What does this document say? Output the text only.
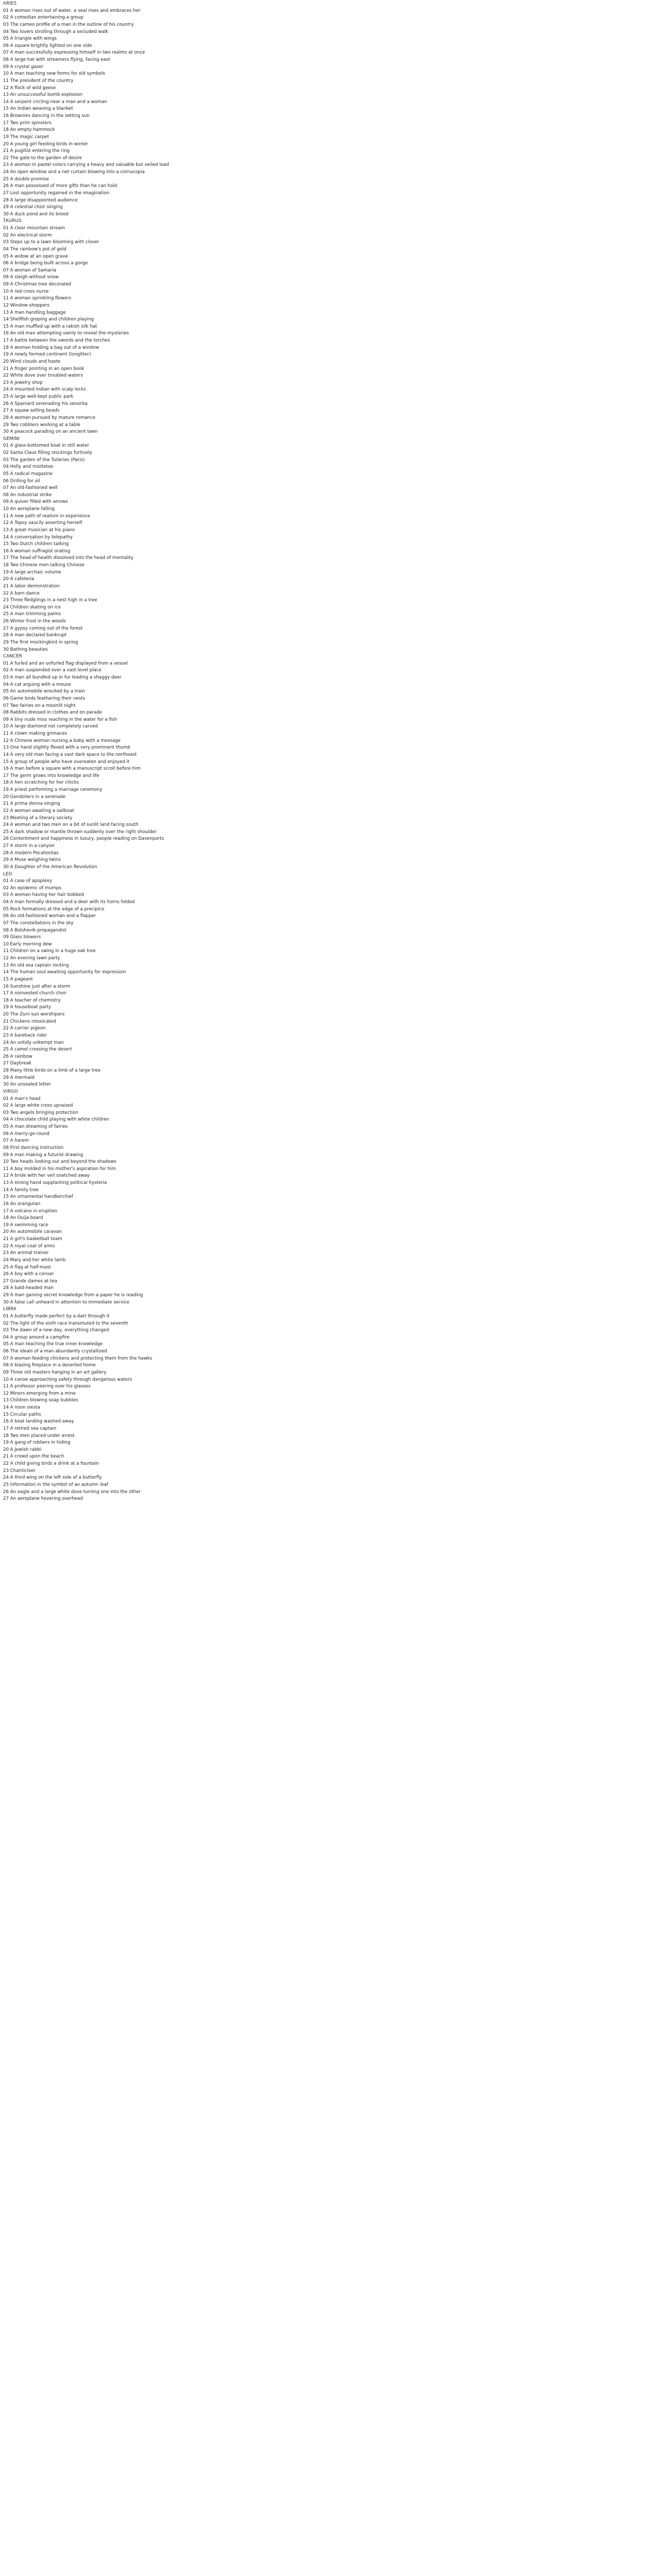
ARIES
01 A woman rises out of water, a seal rises and embraces her
02 A comedian entertaining a group
03 The cameo profile of a man in the outline of his country
04 Two lovers strolling through a secluded walk
05 A triangle with wings
06 A square brightly lighted on one side
07 A man successfully expressing himself in two realms at once
08 A large hat with streamers flying, facing east
09 A crystal gazer
10 A man teaching new forms for old symbols
11 The president of the country
12 A flock of wild geese
13 An unsuccessful bomb explosion
14 A serpent circling near a man and a woman
15 An Indian weaving a blanket
16 Brownies dancing in the setting sun
17 Two prim spinsters
18 An empty hammock
19 The magic carpet
20 A young girl feeding birds in winter
21 A pugilist entering the ring
22 The gate to the garden of desire
23 A woman in pastel colors carrying a heavy and valuable but veiled load
24 An open window and a net curtain blowing into a cornucopia
25 A double promise
26 A man possessed of more gifts than he can hold
27 Lost opportunity regained in the imagination
28 A large disappointed audience
29 A celestial choir singing
30 A duck pond and its brood
TAURUS
01 A clear mountain stream
02 An electrical storm
03 Steps up to a lawn blooming with clover
04 The rainbow's pot of gold
05 A widow at an open grave
06 A bridge being built across a gorge
07 A woman of Samaria
08 A sleigh without snow
09 A Christmas tree decorated
10 A red cross nurse
11 A woman sprinkling flowers
12 Window-shoppers
13 A man handling baggage
14 Shellfish groping and children playing
15 A man muffled up with a rakish silk hat
16 An old man attempting vainly to reveal the mysteries
17 A battle between the swords and the torches
18 A woman holding a bag out of a window
19 A newly formed continent (longitter)
20 Wind clouds and haste
21 A finger pointing in an open book
22 White dove over troubled waters
23 A jewelry shop
24 A mounted Indian with scalp locks
25 A large well-kept public park
26 A Spaniard serenading his senorita
27 A squaw selling beads
28 A woman pursued by mature romance
29 Two cobblers working at a table
30 A peacock parading on an ancient lawn
GEMINI
01 A glass-bottomed boat in still water
02 Santa Claus filling stockings furtively
03 The garden of the Tuileries (Paris)
04 Holly and mistletoe
05 A radical magazine
06 Drilling for oil
07 An old-fashioned well
08 An industrial strike
09 A quiver filled with arrows
10 An aeroplane falling
11 A new path of realism in experience
12 A Topsy saucily asserting herself
13 A great musician at his piano
14 A conversation by telepathy
15 Two Dutch children talking
16 A woman suffragist orating
17 The head of health dissolved into the head of mentality
18 Two Chinese men talking Chinese
19 A large archaic volume
20 A cafeteria
21 A labor demonstration
22 A barn dance
23 Three fledglings in a nest high in a tree
24 Children skating on ice
25 A man trimming palms
26 Winter frost in the woods
27 A gypsy coming out of the forest
28 A man declared bankrupt
29 The first mockingbird in spring
30 Bathing beauties
CANCER
01 A furled and an unfurled flag displayed from a vessel
02 A man suspended over a vast level place
03 A man all bundled up in fur leading a shaggy deer
04 A cat arguing with a mouse
05 An automobile wrecked by a train
06 Game birds feathering their nests
07 Two fairies on a moonlit night
08 Rabbits dressed in clothes and on parade
09 A tiny nude miss reaching in the water for a fish
10 A large diamond not completely carved
11 A clown making grimaces
12 A Chinese woman nursing a baby with a message
13 One hand slightly flexed with a very prominent thumb
14 A very old man facing a vast dark space to the northeast
15 A group of people who have overeaten and enjoyed it
16 A man before a square with a manuscript scroll before him
17 The germ grows into knowledge and life
18 A hen scratching for her chicks
19 A priest performing a marriage ceremony
20 Gondoliers in a serenade
21 A prima donna singing
22 A woman awaiting a sailboat
23 Meeting of a literary society
24 A woman and two men on a bit of sunlit land facing south
25 A dark shadow or mantle thrown suddenly over the right shoulder
26 Contentment and happiness in luxury, people reading on Davenports
27 A storm in a canyon
28 A modern Pocahontas
29 A Muse weighing twins
30 A Daughter of the American Revolution
LEO
01 A case of apoplexy
02 An epidemic of mumps
03 A woman having her hair bobbed
04 A man formally dressed and a deer with its horns folded
05 Rock formations at the edge of a precipice
06 An old-fashioned woman and a flapper
07 The constellations in the sky
08 A Bolshevik propagandist
09 Glass blowers
10 Early morning dew
11 Children on a swing in a huge oak tree
12 An evening lawn party
13 An old sea captain rocking
14 The human soul awaiting opportunity for expression
15 A pageant
16 Sunshine just after a storm
17 A nonvested church choir
18 A teacher of chemistry
19 A houseboat party
20 The Zuni sun worshipers
21 Chickens intoxicated
22 A carrier pigeon
23 A bareback rider
24 An untidy unkempt man
25 A camel crossing the desert
26 A rainbow
27 Daybreak
28 Many little birds on a limb of a large tree
29 A mermaid
30 An unsealed letter
VIRGO
01 A man's head
02 A large white cross upraised
03 Two angels bringing protection
04 A chocolate child playing with white children
05 A man dreaming of fairies
06 A merry-go-round
07 A harem
08 First dancing instruction
09 A man making a futurist drawing
10 Two heads looking out and beyond the shadows
11 A boy molded in his mother's aspiration for him
12 A bride with her veil snatched away
13 A strong hand supplanting political hysteria
14 A family tree
15 An ornamental handkerchief
16 An orangutan
17 A volcano in eruption
18 An Ouija board
19 A swimming race
20 An automobile caravan
21 A girl's basketball team
22 A royal coat of arms
23 An animal trainer
24 Mary and her white lamb
25 A flag at half-mast
26 A boy with a censer
27 Grande dames at tea
28 A bald-headed man
29 A man gaining secret knowledge from a paper he is reading
30 A false call unheard in attention to immediate service
LIBRA
01 A butterfly made perfect by a dart through it
02 The light of the sixth race transmuted to the seventh
03 The dawn of a new day, everything changed
04 A group around a campfire
05 A man teaching the true inner knowledge
06 The ideals of a man abundantly crystallized
07 A woman feeding chickens and protecting them from the hawks
08 A blazing fireplace in a deserted home
09 Three old masters hanging in an art gallery
10 A canoe approaching safety through dangerous waters
11 A professor peering over his glasses
12 Miners emerging from a mine
13 Children blowing soap bubbles
14 A noon siesta
15 Circular paths
16 A boat landing washed away
17 A retired sea captain
18 Two men placed under arrest
19 A gang of robbers in hiding
20 A Jewish rabbi
21 A crowd upon the beach
22 A child giving birds a drink at a fountain
23 Chanticleer
24 A third wing on the left side of a butterfly
25 Information in the symbol of an autumn leaf
26 An eagle and a large white dove turning one into the other
27 An aeroplane hovering overhead
